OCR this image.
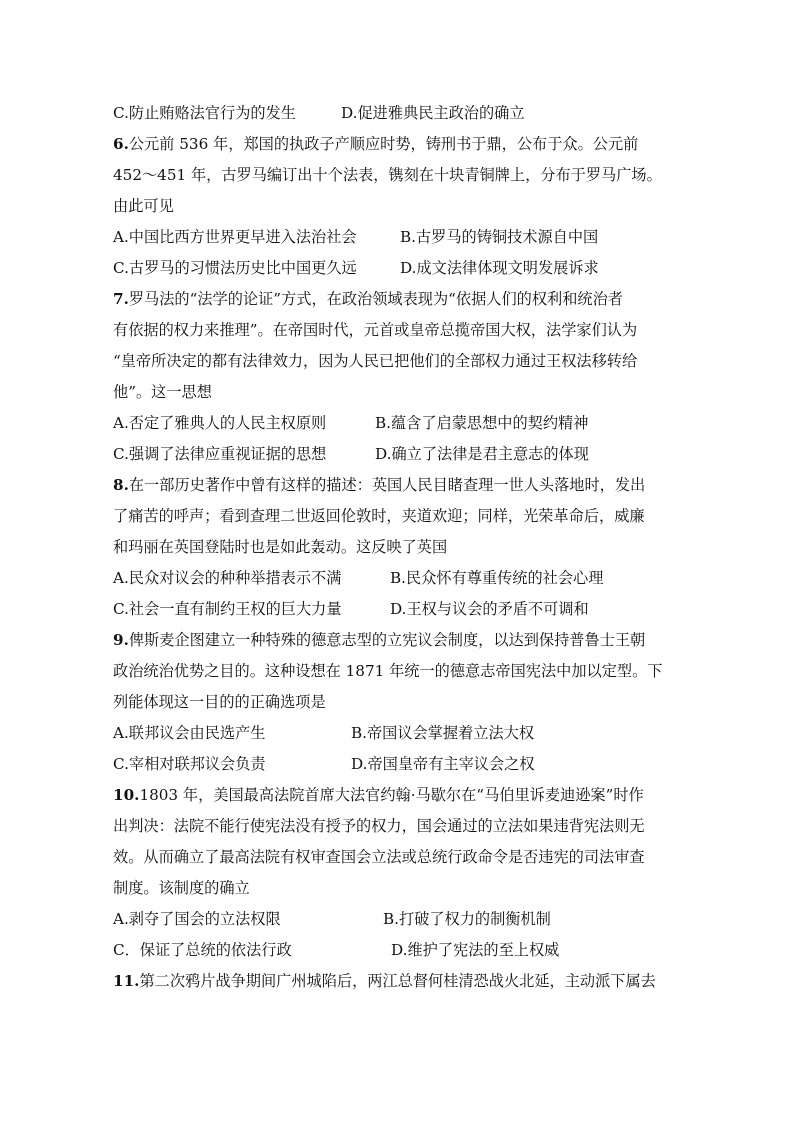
C.防止贿赂法官行为的发生	D.促进雅典民主政治的确立
6.公元前 536 年，郑国的执政子产顺应时势，铸刑书于鼎，公布于众。公元前
452～451 年，古罗马编订出十个法表，镌刻在十块青铜牌上，分布于罗马广场。
由此可见
A.中国比西方世界更早进入法治社会	B.古罗马的铸铜技术源自中国
C.古罗马的习惯法历史比中国更久远	D.成文法律体现文明发展诉求
7.罗马法的“法学的论证”方式，在政治领域表现为“依据人们的权利和统治者
有依据的权力来推理”。在帝国时代，元首或皇帝总揽帝国大权，法学家们认为
“皇帝所决定的都有法律效力，因为人民已把他们的全部权力通过王权法移转给
他”。这一思想
A.否定了雅典人的人民主权原则	B.蕴含了启蒙思想中的契约精神
C.强调了法律应重视证据的思想	D.确立了法律是君主意志的体现
8.在一部历史著作中曾有这样的描述：英国人民目睹查理一世人头落地时，发出
了痛苦的呼声；看到查理二世返回伦敦时，夹道欢迎；同样，光荣革命后，威廉
和玛丽在英国登陆时也是如此轰动。这反映了英国
A.民众对议会的种种举措表示不满	B.民众怀有尊重传统的社会心理
C.社会一直有制约王权的巨大力量	D.王权与议会的矛盾不可调和
9.俾斯麦企图建立一种特殊的德意志型的立宪议会制度，以达到保持普鲁士王朝
政治统治优势之目的。这种设想在 1871 年统一的德意志帝国宪法中加以定型。下
列能体现这一目的的正确选项是
A.联邦议会由民选产生	B.帝国议会掌握着立法大权
C.宰相对联邦议会负责	D.帝国皇帝有主宰议会之权
10.1803 年，美国最高法院首席大法官约翰·马歇尔在“马伯里诉麦迪逊案”时作
出判决：法院不能行使宪法没有授予的权力，国会通过的立法如果违背宪法则无
效。从而确立了最高法院有权审查国会立法或总统行政命令是否违宪的司法审查
制度。该制度的确立
A.剥夺了国会的立法权限	B.打破了权力的制衡机制
C．保证了总统的依法行政	D.维护了宪法的至上权威
11.第二次鸦片战争期间广州城陷后，两江总督何桂清恐战火北延，主动派下属去
